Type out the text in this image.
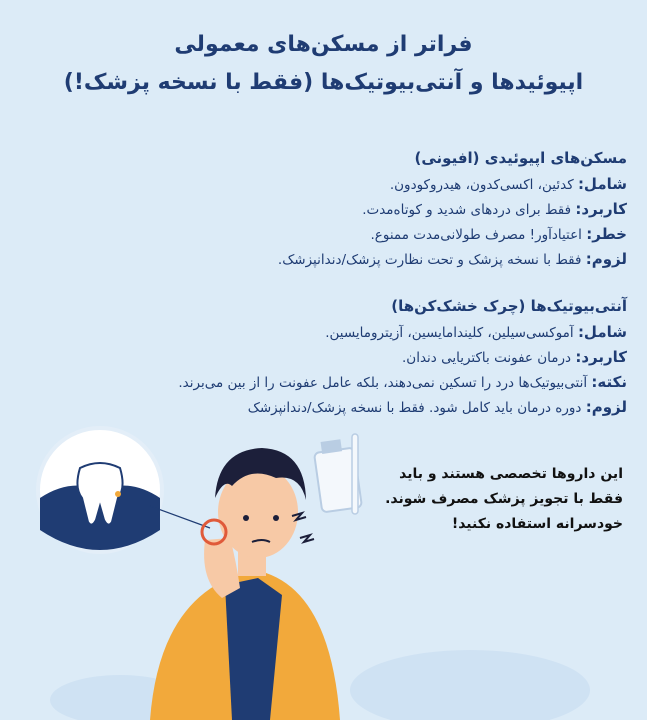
فراتر از مسکن‌های معمولی
اپیوئیدها و آنتی‌بیوتیک‌ها (فقط با نسخه پزشک!)
مسکن‌های اپیوئیدی (افیونی)
شامل: کدئین، اکسی‌کدون، هیدروکودون.
کاربرد: فقط برای دردهای شدید و کوتاه‌مدت.
خطر: اعتیادآور! مصرف طولانی‌مدت ممنوع.
لزوم: فقط با نسخه پزشک و تحت نظارت پزشک/دندانپزشک.
آنتی‌بیوتیک‌ها (چرک خشک‌کن‌ها)
شامل: آموکسی‌سیلین، کلیندامایسین، آزیترومایسین.
کاربرد: درمان عفونت باکتریایی دندان.
نکته: آنتی‌بیوتیک‌ها درد را تسکین نمی‌دهند، بلکه عامل عفونت را از بین می‌برند.
لزوم: دوره درمان باید کامل شود. فقط با نسخه پزشک/دندانپزشک
این داروها تخصصی هستند و باید
فقط با تجویز پزشک مصرف شوند.
خودسرانه استفاده نکنید!
